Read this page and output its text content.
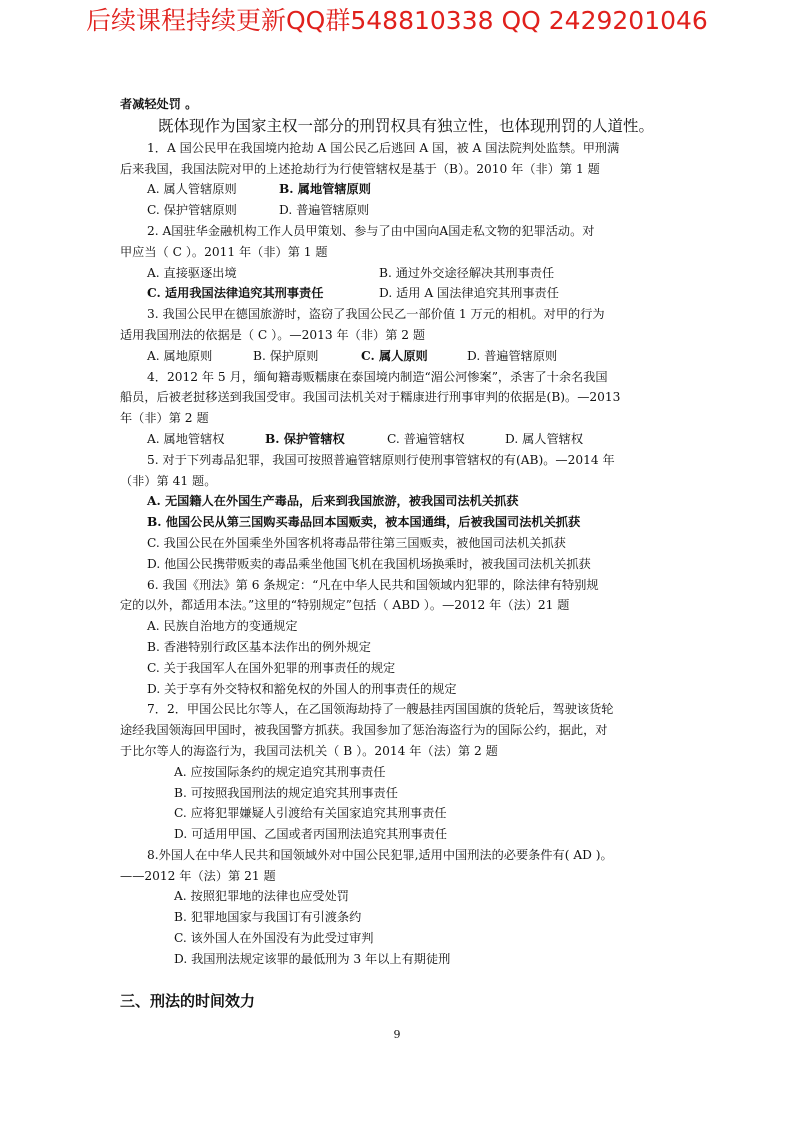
后续课程持续更新QQ群548810338 QQ 2429201046
者减轻处罚 。
既体现作为国家主权一部分的刑罚权具有独立性，也体现刑罚的人道性。
1．A 国公民甲在我国境内抢劫 A 国公民乙后逃回 A 国，被 A 国法院判处监禁。甲刑满
后来我国，我国法院对甲的上述抢劫行为行使管辖权是基于（B）。2010 年（非）第 1 题
A. 属人管辖原则	B. 属地管辖原则
C. 保护管辖原则	D. 普遍管辖原则
2. A国驻华金融机构工作人员甲策划、参与了由中国向A国走私文物的犯罪活动。对
甲应当（ C ）。2011 年（非）第 1 题
A. 直接驱逐出境	B. 通过外交途径解决其刑事责任
C. 适用我国法律追究其刑事责任	D. 适用 A 国法律追究其刑事责任
3. 我国公民甲在德国旅游时，盗窃了我国公民乙一部价值 1 万元的相机。对甲的行为
适用我国刑法的依据是（ C ）。—2013 年（非）第 2 题
A. 属地原则	B. 保护原则	C. 属人原则	D. 普遍管辖原则
4．2012 年 5 月，缅甸籍毒贩糯康在泰国境内制造“湄公河惨案”，杀害了十余名我国
船员，后被老挝移送到我国受审。我国司法机关对于糯康进行刑事审判的依据是(B)。—2013
年（非）第 2 题
A. 属地管辖权	B. 保护管辖权	C. 普遍管辖权	D. 属人管辖权
5. 对于下列毒品犯罪，我国可按照普遍管辖原则行使刑事管辖权的有(AB)。—2014 年
（非）第 41 题。
A. 无国籍人在外国生产毒品，后来到我国旅游，被我国司法机关抓获
B. 他国公民从第三国购买毒品回本国贩卖，被本国通缉，后被我国司法机关抓获
C. 我国公民在外国乘坐外国客机将毒品带往第三国贩卖，被他国司法机关抓获
D. 他国公民携带贩卖的毒品乘坐他国飞机在我国机场换乘时，被我国司法机关抓获
6. 我国《刑法》第 6 条规定：“凡在中华人民共和国领域内犯罪的，除法律有特别规
定的以外，都适用本法。”这里的“特别规定”包括（ ABD ）。—2012 年（法）21 题
A. 民族自治地方的变通规定
B. 香港特别行政区基本法作出的例外规定
C. 关于我国军人在国外犯罪的刑事责任的规定
D. 关于享有外交特权和豁免权的外国人的刑事责任的规定
7．2．甲国公民比尔等人，在乙国领海劫持了一艘悬挂丙国国旗的货轮后，驾驶该货轮
途经我国领海回甲国时，被我国警方抓获。我国参加了惩治海盗行为的国际公约，据此，对
于比尔等人的海盗行为，我国司法机关（ B ）。2014 年（法）第 2 题
A. 应按国际条约的规定追究其刑事责任
B. 可按照我国刑法的规定追究其刑事责任
C. 应将犯罪嫌疑人引渡给有关国家追究其刑事责任
D. 可适用甲国、乙国或者丙国刑法追究其刑事责任
8.外国人在中华人民共和国领域外对中国公民犯罪,适用中国刑法的必要条件有( AD )。
——2012 年（法）第 21 题
A. 按照犯罪地的法律也应受处罚
B. 犯罪地国家与我国订有引渡条约
C. 该外国人在外国没有为此受过审判
D. 我国刑法规定该罪的最低刑为 3 年以上有期徒刑
三、刑法的时间效力
9
